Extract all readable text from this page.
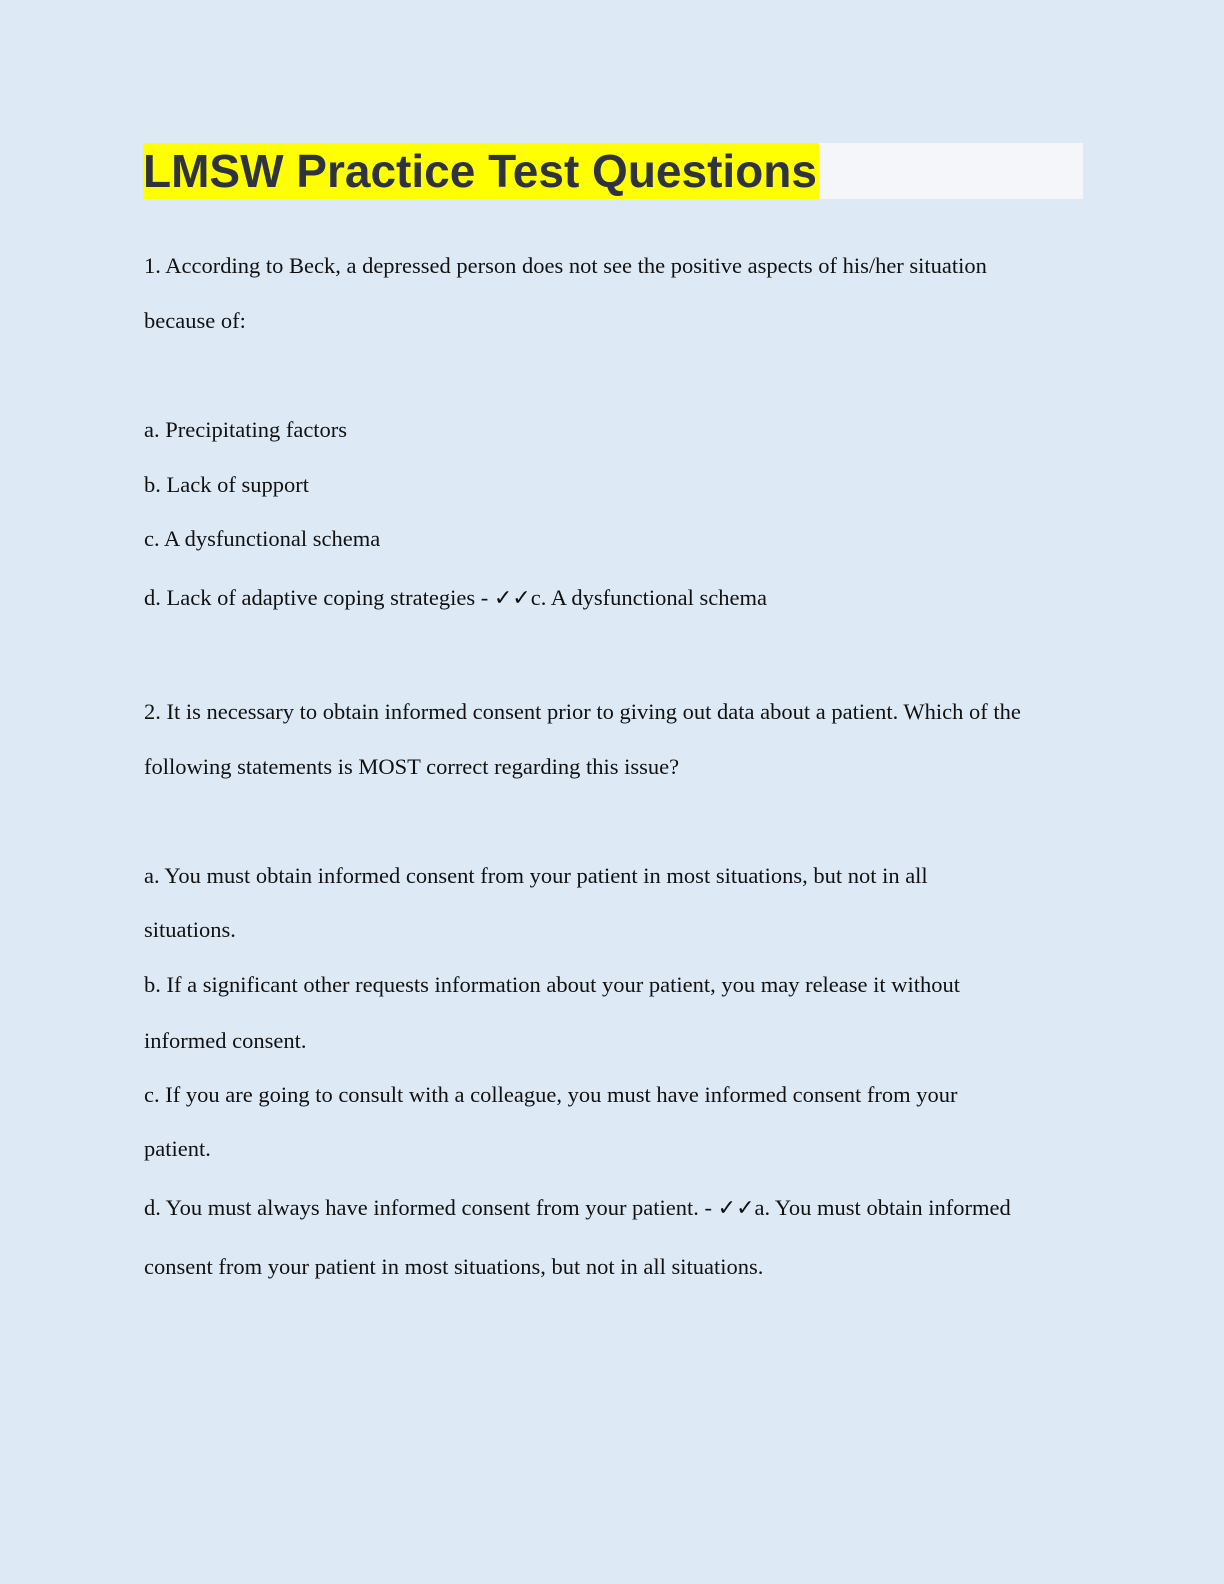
LMSW Practice Test Questions
1. According to Beck, a depressed person does not see the positive aspects of his/her situation
because of:
a. Precipitating factors
b. Lack of support
c. A dysfunctional schema
d. Lack of adaptive coping strategies - ✓✓c. A dysfunctional schema
2. It is necessary to obtain informed consent prior to giving out data about a patient. Which of the
following statements is MOST correct regarding this issue?
a. You must obtain informed consent from your patient in most situations, but not in all
situations.
b. If a significant other requests information about your patient, you may release it without
informed consent.
c. If you are going to consult with a colleague, you must have informed consent from your
patient.
d. You must always have informed consent from your patient. - ✓✓a. You must obtain informed
consent from your patient in most situations, but not in all situations.
